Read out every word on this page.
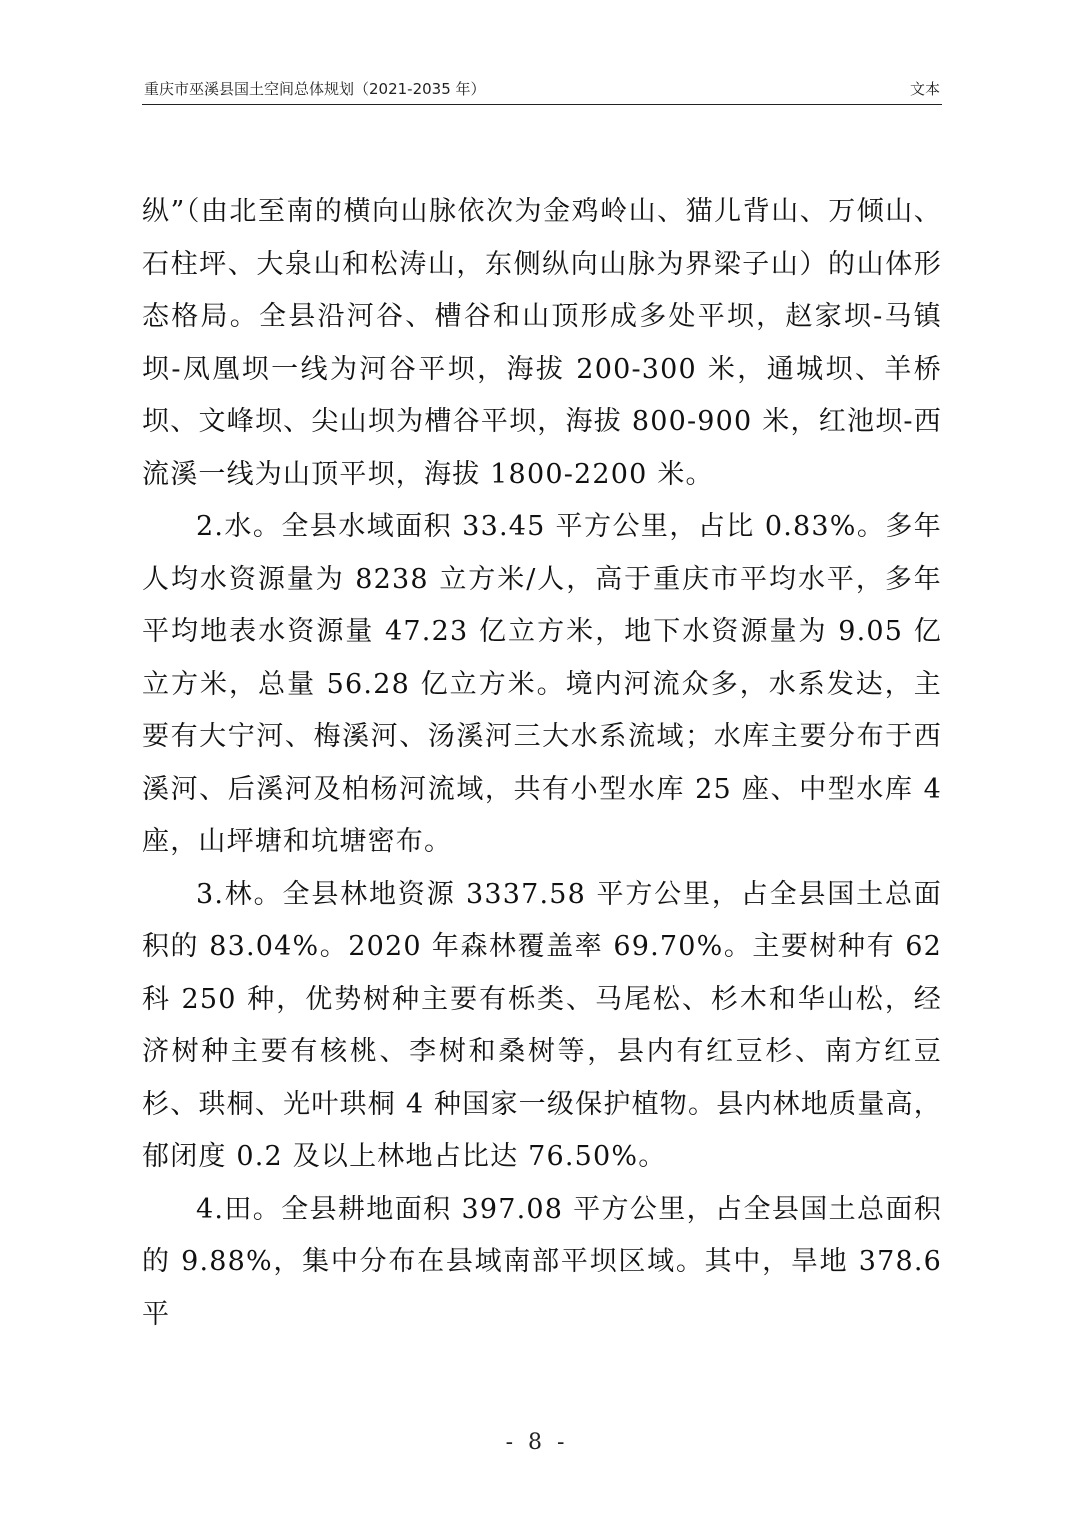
重庆市巫溪县国土空间总体规划（2021-2035 年）	文本

纵”（由北至南的横向山脉依次为金鸡岭山、猫儿背山、万倾山、石柱坪、大泉山和松涛山，东侧纵向山脉为界梁子山）的山体形态格局。全县沿河谷、槽谷和山顶形成多处平坝，赵家坝-马镇坝-凤凰坝一线为河谷平坝，海拔 200-300 米，通城坝、羊桥坝、文峰坝、尖山坝为槽谷平坝，海拔 800-900 米，红池坝-西流溪一线为山顶平坝，海拔 1800-2200 米。

2.水。全县水域面积 33.45 平方公里，占比 0.83%。多年人均水资源量为 8238 立方米/人，高于重庆市平均水平，多年平均地表水资源量 47.23 亿立方米，地下水资源量为 9.05 亿立方米，总量 56.28 亿立方米。境内河流众多，水系发达，主要有大宁河、梅溪河、汤溪河三大水系流域；水库主要分布于西溪河、后溪河及柏杨河流域，共有小型水库 25 座、中型水库 4 座，山坪塘和坑塘密布。

3.林。全县林地资源 3337.58 平方公里，占全县国土总面积的 83.04%。2020 年森林覆盖率 69.70%。主要树种有 62 科 250 种，优势树种主要有栎类、马尾松、杉木和华山松，经济树种主要有核桃、李树和桑树等，县内有红豆杉、南方红豆杉、珙桐、光叶珙桐 4 种国家一级保护植物。县内林地质量高，郁闭度 0.2 及以上林地占比达 76.50%。

4.田。全县耕地面积 397.08 平方公里，占全县国土总面积的 9.88%，集中分布在县域南部平坝区域。其中，旱地 378.6 平

- 8 -
